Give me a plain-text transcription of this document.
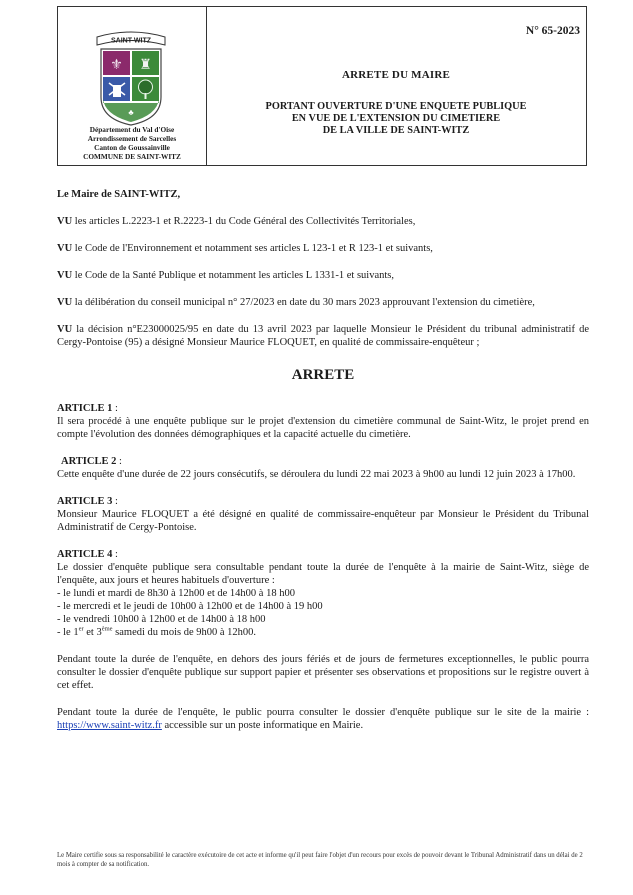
SAINT-WITZ
⚜ ♜
♣
Département du Val d'Oise
Arrondissement de Sarcelles
Canton de Goussainville
COMMUNE DE SAINT-WITZ
N° 65-2023
ARRETE DU MAIRE
PORTANT OUVERTURE D'UNE ENQUETE PUBLIQUE
EN VUE DE L'EXTENSION DU CIMETIERE
DE LA VILLE DE SAINT-WITZ

Le Maire de SAINT-WITZ,

VU les articles L.2223-1 et R.2223-1 du Code Général des Collectivités Territoriales,

VU le Code de l'Environnement et notamment ses articles L 123-1 et R 123-1 et suivants,

VU le Code de la Santé Publique et notamment les articles L 1331-1 et suivants,

VU la délibération du conseil municipal n° 27/2023 en date du 30 mars 2023 approuvant l'extension du cimetière,

VU la décision n°E23000025/95 en date du 13 avril 2023 par laquelle Monsieur le Président du tribunal administratif de Cergy-Pontoise (95) a désigné Monsieur Maurice FLOQUET, en qualité de commissaire-enquêteur ;

ARRETE

ARTICLE 1 :

Il sera procédé à une enquête publique sur le projet d'extension du cimetière communal de Saint-Witz, le projet prend en compte l'évolution des données démographiques et la capacité actuelle du cimetière.

ARTICLE 2 :

Cette enquête d'une durée de 22 jours consécutifs, se déroulera du lundi 22 mai 2023 à 9h00 au lundi 12 juin 2023 à 17h00.

ARTICLE 3 :

Monsieur Maurice FLOQUET a été désigné en qualité de commissaire-enquêteur par Monsieur le Président du Tribunal Administratif de Cergy-Pontoise.

ARTICLE 4 :

Le dossier d'enquête publique sera consultable pendant toute la durée de l'enquête à la mairie de Saint-Witz, siège de l'enquête, aux jours et heures habituels d'ouverture :
- le lundi et mardi de 8h30 à 12h00 et de 14h00 à 18 h00
- le mercredi et le jeudi de 10h00 à 12h00 et de 14h00 à 19 h00
- le vendredi 10h00 à 12h00 et de 14h00 à 18 h00
- le 1er et 3ème samedi du mois de 9h00 à 12h00.

Pendant toute la durée de l'enquête, en dehors des jours fériés et de jours de fermetures exceptionnelles, le public pourra consulter le dossier d'enquête publique sur support papier et présenter ses observations et propositions sur le registre ouvert à cet effet.

Pendant toute la durée de l'enquête, le public pourra consulter le dossier d'enquête publique sur le site de la mairie : https://www.saint-witz.fr accessible sur un poste informatique en Mairie.

Le Maire certifie sous sa responsabilité le caractère exécutoire de cet acte et informe qu'il peut faire l'objet d'un recours pour excès de pouvoir devant le Tribunal Administratif dans un délai de 2 mois à compter de sa notification.
